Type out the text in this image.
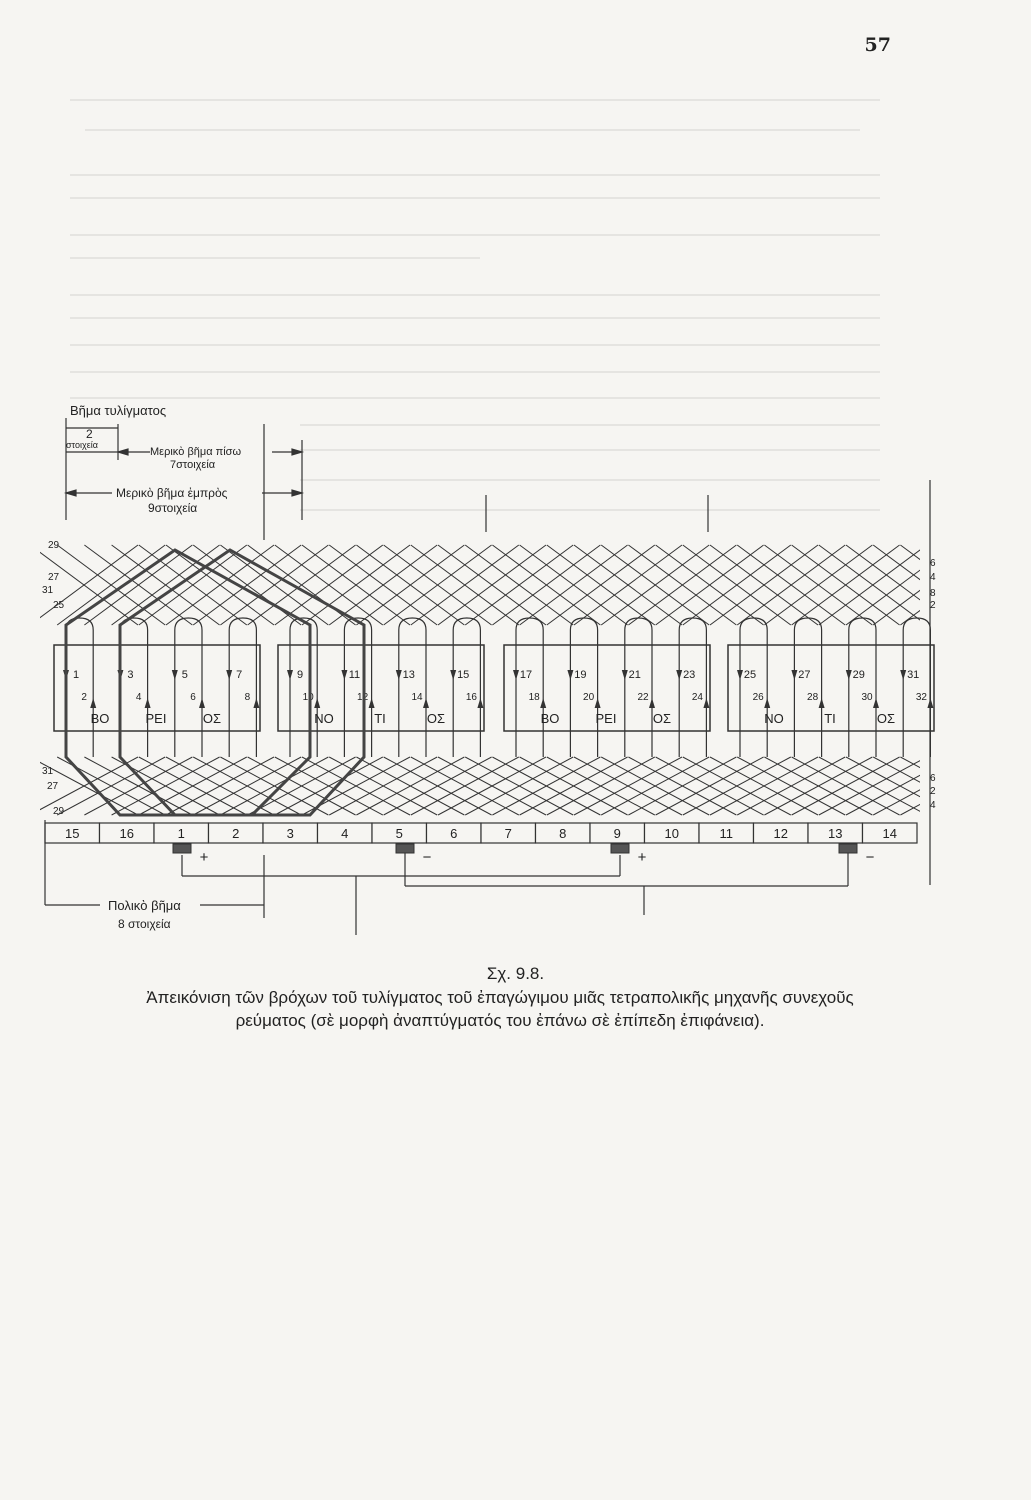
57
Βῆμα τυλίγματος
2
στοιχεία
Μερικὸ βῆμα πίσω
7στοιχεία
Μερικὸ βῆμα ἐμπρὸς
9στοιχεία
29
27
31
25
31
27
29
6
4
8
2
6
2
4
1
2
3
4
5
6
7
8
ΒΟ	ΡΕΙ	ΟΣ
9
10
11
12
13
14
15
16
ΝΟ	ΤΙ	ΟΣ
17
18
19
20
21
22
23
24
ΒΟ	ΡΕΙ	ΟΣ
25
26
27
28
29
30
31
32
ΝΟ	ΤΙ	ΟΣ
15	16	1	2	3	4	5	6	7	8	9	10	11	12	13	14
+	−	+	−
Πολικὸ βῆμα
8 στοιχεία
Σχ. 9.8.
Ἀπεικόνιση τῶν βρόχων τοῦ τυλίγματος τοῦ ἐπαγώγιμου μιᾶς τετραπολικῆς μηχανῆς συνεχοῦς ρεύματος (σὲ μορφὴ ἀναπτύγματός του ἐπάνω σὲ ἐπίπεδη ἐπιφάνεια).
